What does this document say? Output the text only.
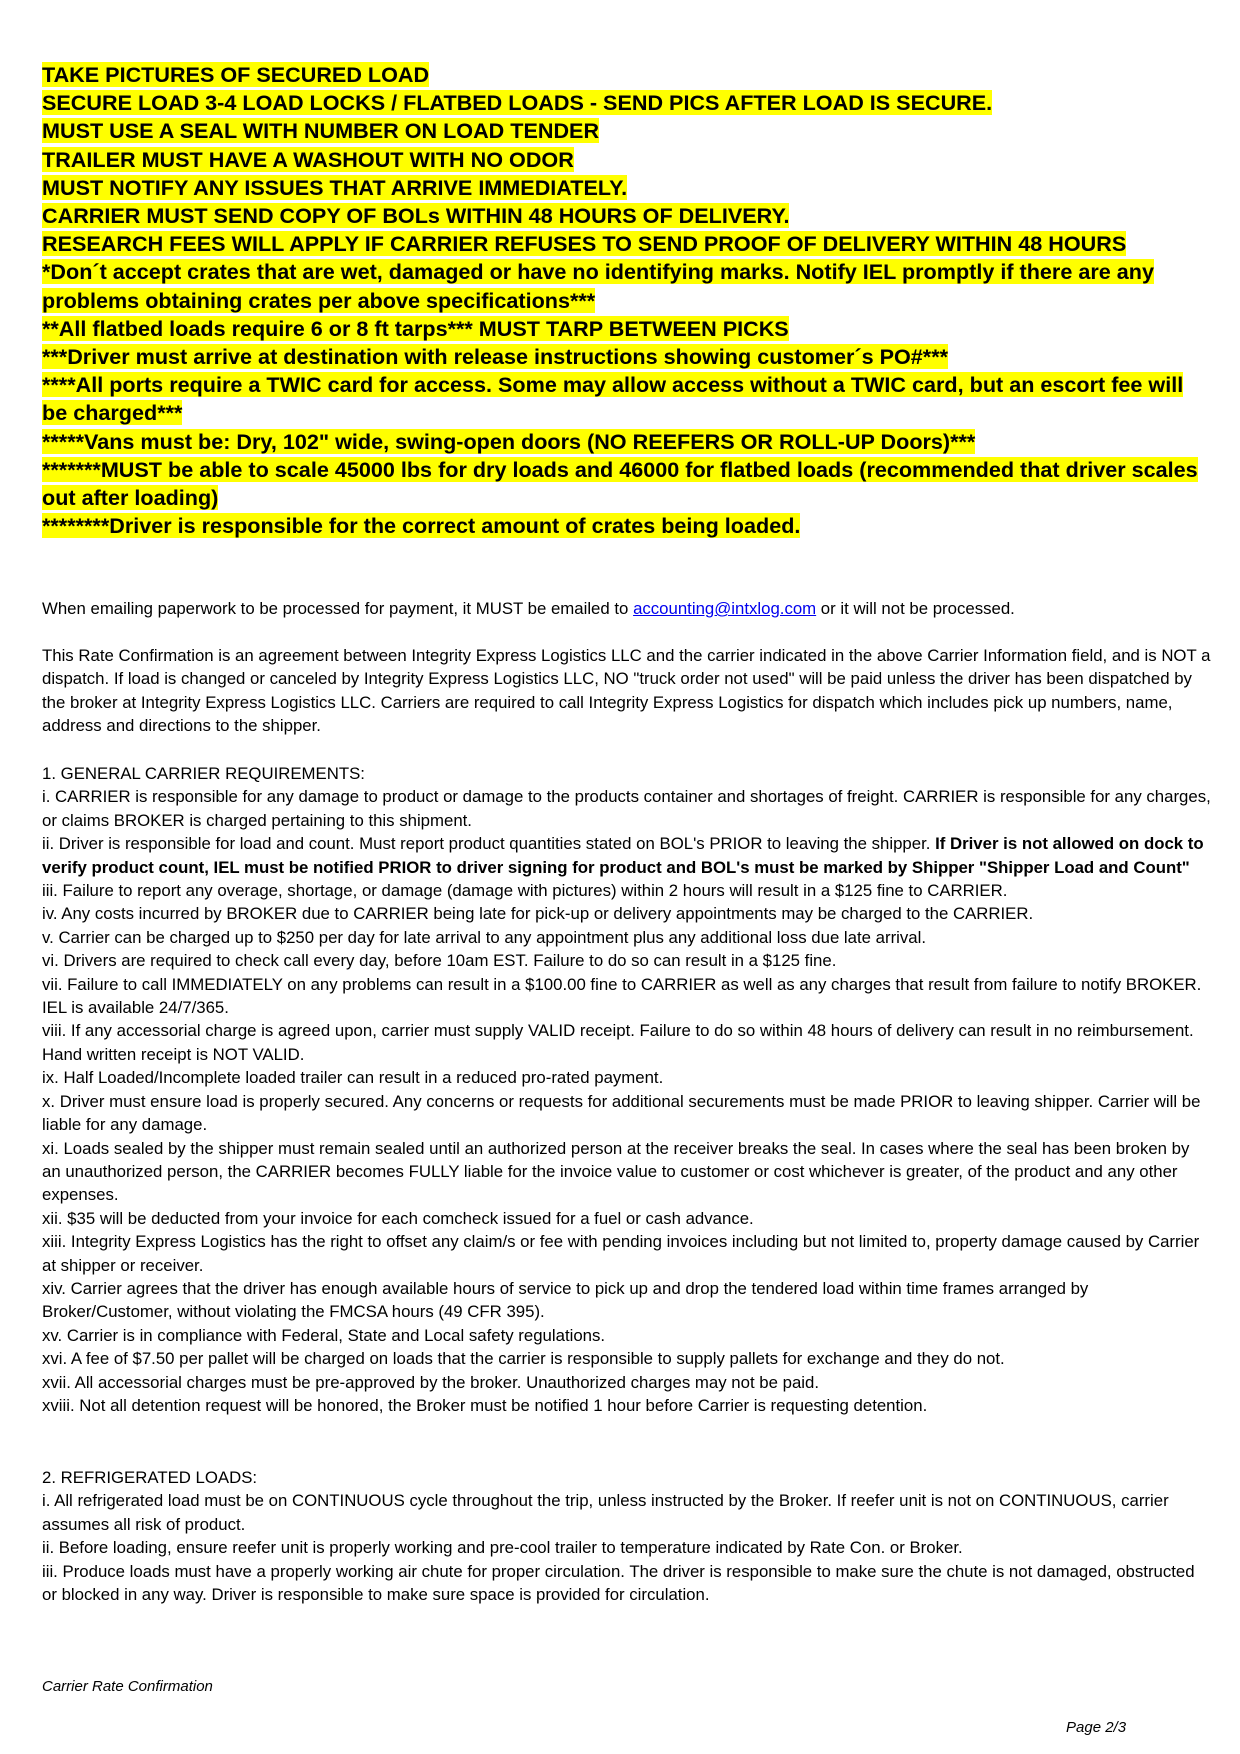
TAKE PICTURES OF SECURED LOAD

SECURE LOAD 3-4 LOAD LOCKS / FLATBED LOADS - SEND PICS AFTER LOAD IS SECURE.

MUST USE A SEAL WITH NUMBER ON LOAD TENDER

TRAILER MUST HAVE A WASHOUT WITH NO ODOR

MUST NOTIFY ANY ISSUES THAT ARRIVE IMMEDIATELY.

CARRIER MUST SEND COPY OF BOLs WITHIN 48 HOURS OF DELIVERY.

RESEARCH FEES WILL APPLY IF CARRIER REFUSES TO SEND PROOF OF DELIVERY WITHIN 48 HOURS

*Don´t accept crates that are wet, damaged or have no identifying marks. Notify IEL promptly if there are any problems obtaining crates per above specifications***

**All flatbed loads require 6 or 8 ft tarps*** MUST TARP BETWEEN PICKS

***Driver must arrive at destination with release instructions showing customer´s PO#***

****All ports require a TWIC card for access. Some may allow access without a TWIC card, but an escort fee will be charged***

*****Vans must be: Dry, 102" wide, swing-open doors (NO REEFERS OR ROLL-UP Doors)***

*******MUST be able to scale 45000 lbs for dry loads and 46000 for flatbed loads (recommended that driver scales out after loading)

********Driver is responsible for the correct amount of crates being loaded.

When emailing paperwork to be processed for payment, it MUST be emailed to accounting@intxlog.com or it will not be processed.

This Rate Confirmation is an agreement between Integrity Express Logistics LLC and the carrier indicated in the above Carrier Information field, and is NOT a dispatch. If load is changed or canceled by Integrity Express Logistics LLC, NO "truck order not used" will be paid unless the driver has been dispatched by the broker at Integrity Express Logistics LLC. Carriers are required to call Integrity Express Logistics for dispatch which includes pick up numbers, name, address and directions to the shipper.

1. GENERAL CARRIER REQUIREMENTS:

i. CARRIER is responsible for any damage to product or damage to the products container and shortages of freight. CARRIER is responsible for any charges, or claims BROKER is charged pertaining to this shipment.

ii. Driver is responsible for load and count. Must report product quantities stated on BOL's PRIOR to leaving the shipper. If Driver is not allowed on dock to verify product count, IEL must be notified PRIOR to driver signing for product and BOL's must be marked by Shipper "Shipper Load and Count"

iii. Failure to report any overage, shortage, or damage (damage with pictures) within 2 hours will result in a $125 fine to CARRIER.

iv. Any costs incurred by BROKER due to CARRIER being late for pick-up or delivery appointments may be charged to the CARRIER.

v. Carrier can be charged up to $250 per day for late arrival to any appointment plus any additional loss due late arrival.

vi. Drivers are required to check call every day, before 10am EST. Failure to do so can result in a $125 fine.

vii. Failure to call IMMEDIATELY on any problems can result in a $100.00 fine to CARRIER as well as any charges that result from failure to notify BROKER. IEL is available 24/7/365.

viii. If any accessorial charge is agreed upon, carrier must supply VALID receipt. Failure to do so within 48 hours of delivery can result in no reimbursement. Hand written receipt is NOT VALID.

ix. Half Loaded/Incomplete loaded trailer can result in a reduced pro-rated payment.

x. Driver must ensure load is properly secured. Any concerns or requests for additional securements must be made PRIOR to leaving shipper. Carrier will be liable for any damage.

xi. Loads sealed by the shipper must remain sealed until an authorized person at the receiver breaks the seal. In cases where the seal has been broken by an unauthorized person, the CARRIER becomes FULLY liable for the invoice value to customer or cost whichever is greater, of the product and any other expenses.

xii. $35 will be deducted from your invoice for each comcheck issued for a fuel or cash advance.

xiii. Integrity Express Logistics has the right to offset any claim/s or fee with pending invoices including but not limited to, property damage caused by Carrier at shipper or receiver.

xiv. Carrier agrees that the driver has enough available hours of service to pick up and drop the tendered load within time frames arranged by Broker/Customer, without violating the FMCSA hours (49 CFR 395).

xv. Carrier is in compliance with Federal, State and Local safety regulations.

xvi. A fee of $7.50 per pallet will be charged on loads that the carrier is responsible to supply pallets for exchange and they do not.

xvii. All accessorial charges must be pre-approved by the broker. Unauthorized charges may not be paid.

xviii. Not all detention request will be honored, the Broker must be notified 1 hour before Carrier is requesting detention.

2. REFRIGERATED LOADS:

i. All refrigerated load must be on CONTINUOUS cycle throughout the trip, unless instructed by the Broker. If reefer unit is not on CONTINUOUS, carrier assumes all risk of product.

ii. Before loading, ensure reefer unit is properly working and pre-cool trailer to temperature indicated by Rate Con. or Broker.

iii. Produce loads must have a properly working air chute for proper circulation. The driver is responsible to make sure the chute is not damaged, obstructed or blocked in any way. Driver is responsible to make sure space is provided for circulation.

Carrier Rate Confirmation
Page 2/3
